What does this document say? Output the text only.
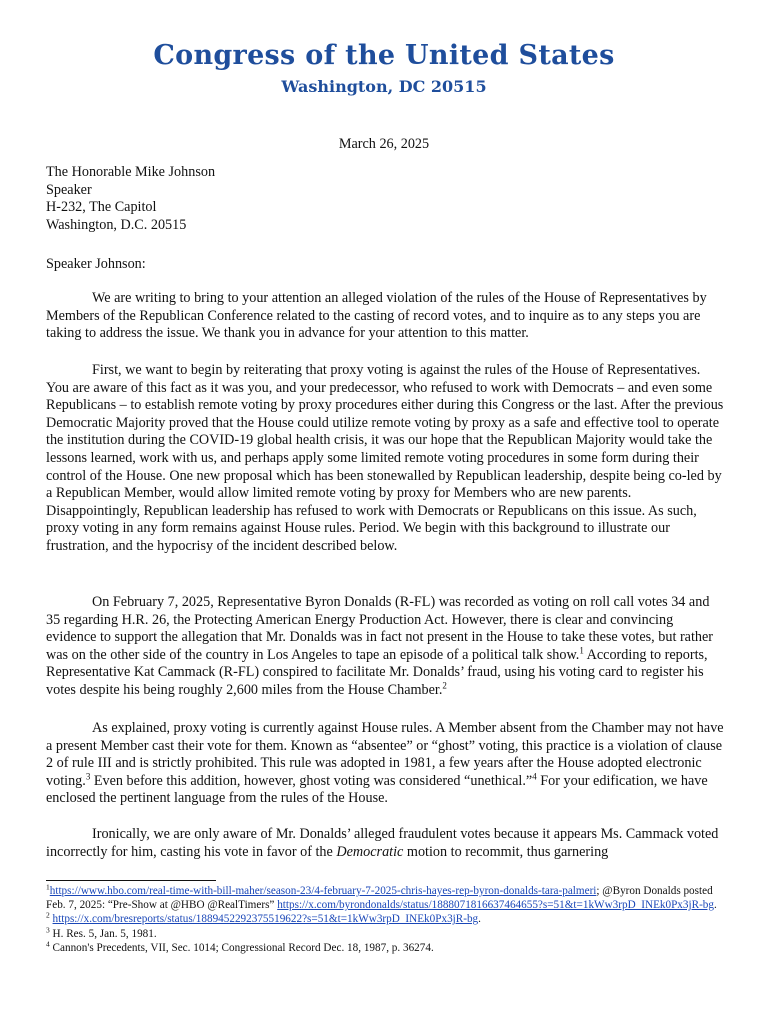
Congress of the United States
Washington, DC 20515
March 26, 2025
The Honorable Mike Johnson
Speaker
H-232, The Capitol
Washington, D.C. 20515
Speaker Johnson:

We are writing to bring to your attention an alleged violation of the rules of the House of Representatives by Members of the Republican Conference related to the casting of record votes, and to inquire as to any steps you are taking to address the issue. We thank you in advance for your attention to this matter.

First, we want to begin by reiterating that proxy voting is against the rules of the House of Representatives. You are aware of this fact as it was you, and your predecessor, who refused to work with Democrats – and even some Republicans – to establish remote voting by proxy procedures either during this Congress or the last. After the previous Democratic Majority proved that the House could utilize remote voting by proxy as a safe and effective tool to operate the institution during the COVID-19 global health crisis, it was our hope that the Republican Majority would take the lessons learned, work with us, and perhaps apply some limited remote voting procedures in some form during their control of the House. One new proposal which has been stonewalled by Republican leadership, despite being co-led by a Republican Member, would allow limited remote voting by proxy for Members who are new parents. Disappointingly, Republican leadership has refused to work with Democrats or Republicans on this issue. As such, proxy voting in any form remains against House rules. Period. We begin with this background to illustrate our frustration, and the hypocrisy of the incident described below.

On February 7, 2025, Representative Byron Donalds (R-FL) was recorded as voting on roll call votes 34 and 35 regarding H.R. 26, the Protecting American Energy Production Act. However, there is clear and convincing evidence to support the allegation that Mr. Donalds was in fact not present in the House to take these votes, but rather was on the other side of the country in Los Angeles to tape an episode of a political talk show.$^1$ According to reports, Representative Kat Cammack (R-FL) conspired to facilitate Mr. Donalds’ fraud, using his voting card to register his votes despite his being roughly 2,600 miles from the House Chamber.$^2$

As explained, proxy voting is currently against House rules. A Member absent from the Chamber may not have a present Member cast their vote for them. Known as “absentee” or “ghost” voting, this practice is a violation of clause 2 of rule III and is strictly prohibited. This rule was adopted in 1981, a few years after the House adopted electronic voting.$^3$ Even before this addition, however, ghost voting was considered “unethical.”$^4$ For your edification, we have enclosed the pertinent language from the rules of the House.

Ironically, we are only aware of Mr. Donalds’ alleged fraudulent votes because it appears Ms. Cammack voted incorrectly for him, casting his vote in favor of the Democratic motion to recommit, thus garnering

$^1$https://www.hbo.com/real-time-with-bill-maher/season-23/4-february-7-2025-chris-hayes-rep-byron-donalds-tara-palmeri; @Byron Donalds posted Feb. 7, 2025: “Pre-Show at @HBO @RealTimers” https://x.com/byrondonalds/status/1888071816637464655?s=51&t=1kWw3rpD_INEk0Px3jR-bg.
$^2$ https://x.com/bresreports/status/1889452292375519622?s=51&t=1kWw3rpD_INEk0Px3jR-bg.
$^3$ H. Res. 5, Jan. 5, 1981.
$^4$ Cannon's Precedents, VII, Sec. 1014; Congressional Record Dec. 18, 1987, p. 36274.
